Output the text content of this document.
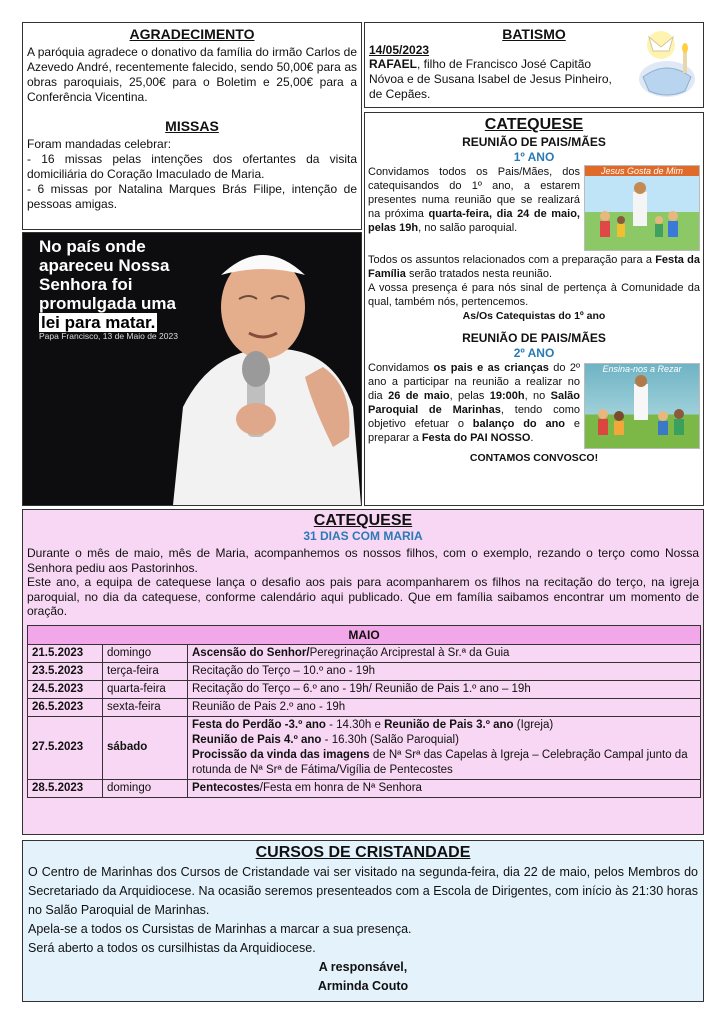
AGRADECIMENTO
A paróquia agradece o donativo da família do irmão Carlos de Azevedo André, recentemente falecido, sendo 50,00€ para as obras paroquiais, 25,00€ para o Boletim e 25,00€ para a Conferência Vicentina.
MISSAS
Foram mandadas celebrar:
- 16 missas pelas intenções dos ofertantes da visita domiciliária do Coração Imaculado de Maria.
- 6 missas por Natalina Marques Brás Filipe, intenção de pessoas amigas.
BATISMO
14/05/2023
RAFAEL, filho de Francisco José Capitão Nóvoa e de Susana Isabel de Jesus Pinheiro, de Cepães.
CATEQUESE
REUNIÃO DE PAIS/MÃES
1º ANO
Jesus Gosta de Mim
Convidamos todos os Pais/Mães, dos catequisandos do 1º ano, a estarem presentes numa reunião que se realizará na próxima quarta-feira, dia 24 de maio, pelas 19h, no salão paroquial.
Todos os assuntos relacionados com a preparação para a Festa da Família serão tratados nesta reunião.
A vossa presença é para nós sinal de pertença à Comunidade da qual, também nós, pertencemos.
As/Os Catequistas do 1º ano
REUNIÃO DE PAIS/MÃES
2º ANO
Ensina-nos a Rezar
Convidamos os pais e as crianças do 2º ano a participar na reunião a realizar no dia 26 de maio, pelas 19:00h, no Salão Paroquial de Marinhas, tendo como objetivo efetuar o balanço do ano e preparar a Festa do PAI NOSSO.
CONTAMOS CONVOSCO!
No país onde
apareceu Nossa
Senhora foi
promulgada uma
lei para matar.
Papa Francisco, 13 de Maio de 2023
CATEQUESE
31 DIAS COM MARIA
Durante o mês de maio, mês de Maria, acompanhemos os nossos filhos, com o exemplo, rezando o terço como Nossa Senhora pediu aos Pastorinhos.
Este ano, a equipa de catequese lança o desafio aos pais para acompanharem os filhos na recitação do terço, na igreja paroquial, no dia da catequese, conforme calendário aqui publicado. Que em família saibamos encontrar um momento de oração.
MAIO		
21.5.2023	domingo	Ascensão do Senhor/Peregrinação Arciprestal à Sr.ª da Guia
23.5.2023	terça-feira	Recitação do Terço – 10.º ano - 19h
24.5.2023	quarta-feira	Recitação do Terço – 6.º ano - 19h/ Reunião de Pais 1.º ano – 19h
26.5.2023	sexta-feira	Reunião de Pais 2.º ano - 19h
27.5.2023	sábado	Festa do Perdão -3.º ano - 14.30h e Reunião de Pais 3.º ano (Igreja)
Reunião de Pais 4.º ano - 16.30h (Salão Paroquial)
Procissão da vinda das imagens de Nª Srª das Capelas à Igreja – Celebração Campal junto da rotunda de Nª Srª de Fátima/Vigília de Pentecostes

28.5.2023	domingo	Pentecostes/Festa em honra de Nª Senhora
CURSOS DE CRISTANDADE
O Centro de Marinhas dos Cursos de Cristandade vai ser visitado na segunda-feira, dia 22 de maio, pelos Membros do Secretariado da Arquidiocese. Na ocasião seremos presenteados com a Escola de Dirigentes, com início às 21:30 horas no Salão Paroquial de Marinhas.
Apela-se a todos os Cursistas de Marinhas a marcar a sua presença.
Será aberto a todos os cursilhistas da Arquidiocese.
A responsável,
Arminda Couto
